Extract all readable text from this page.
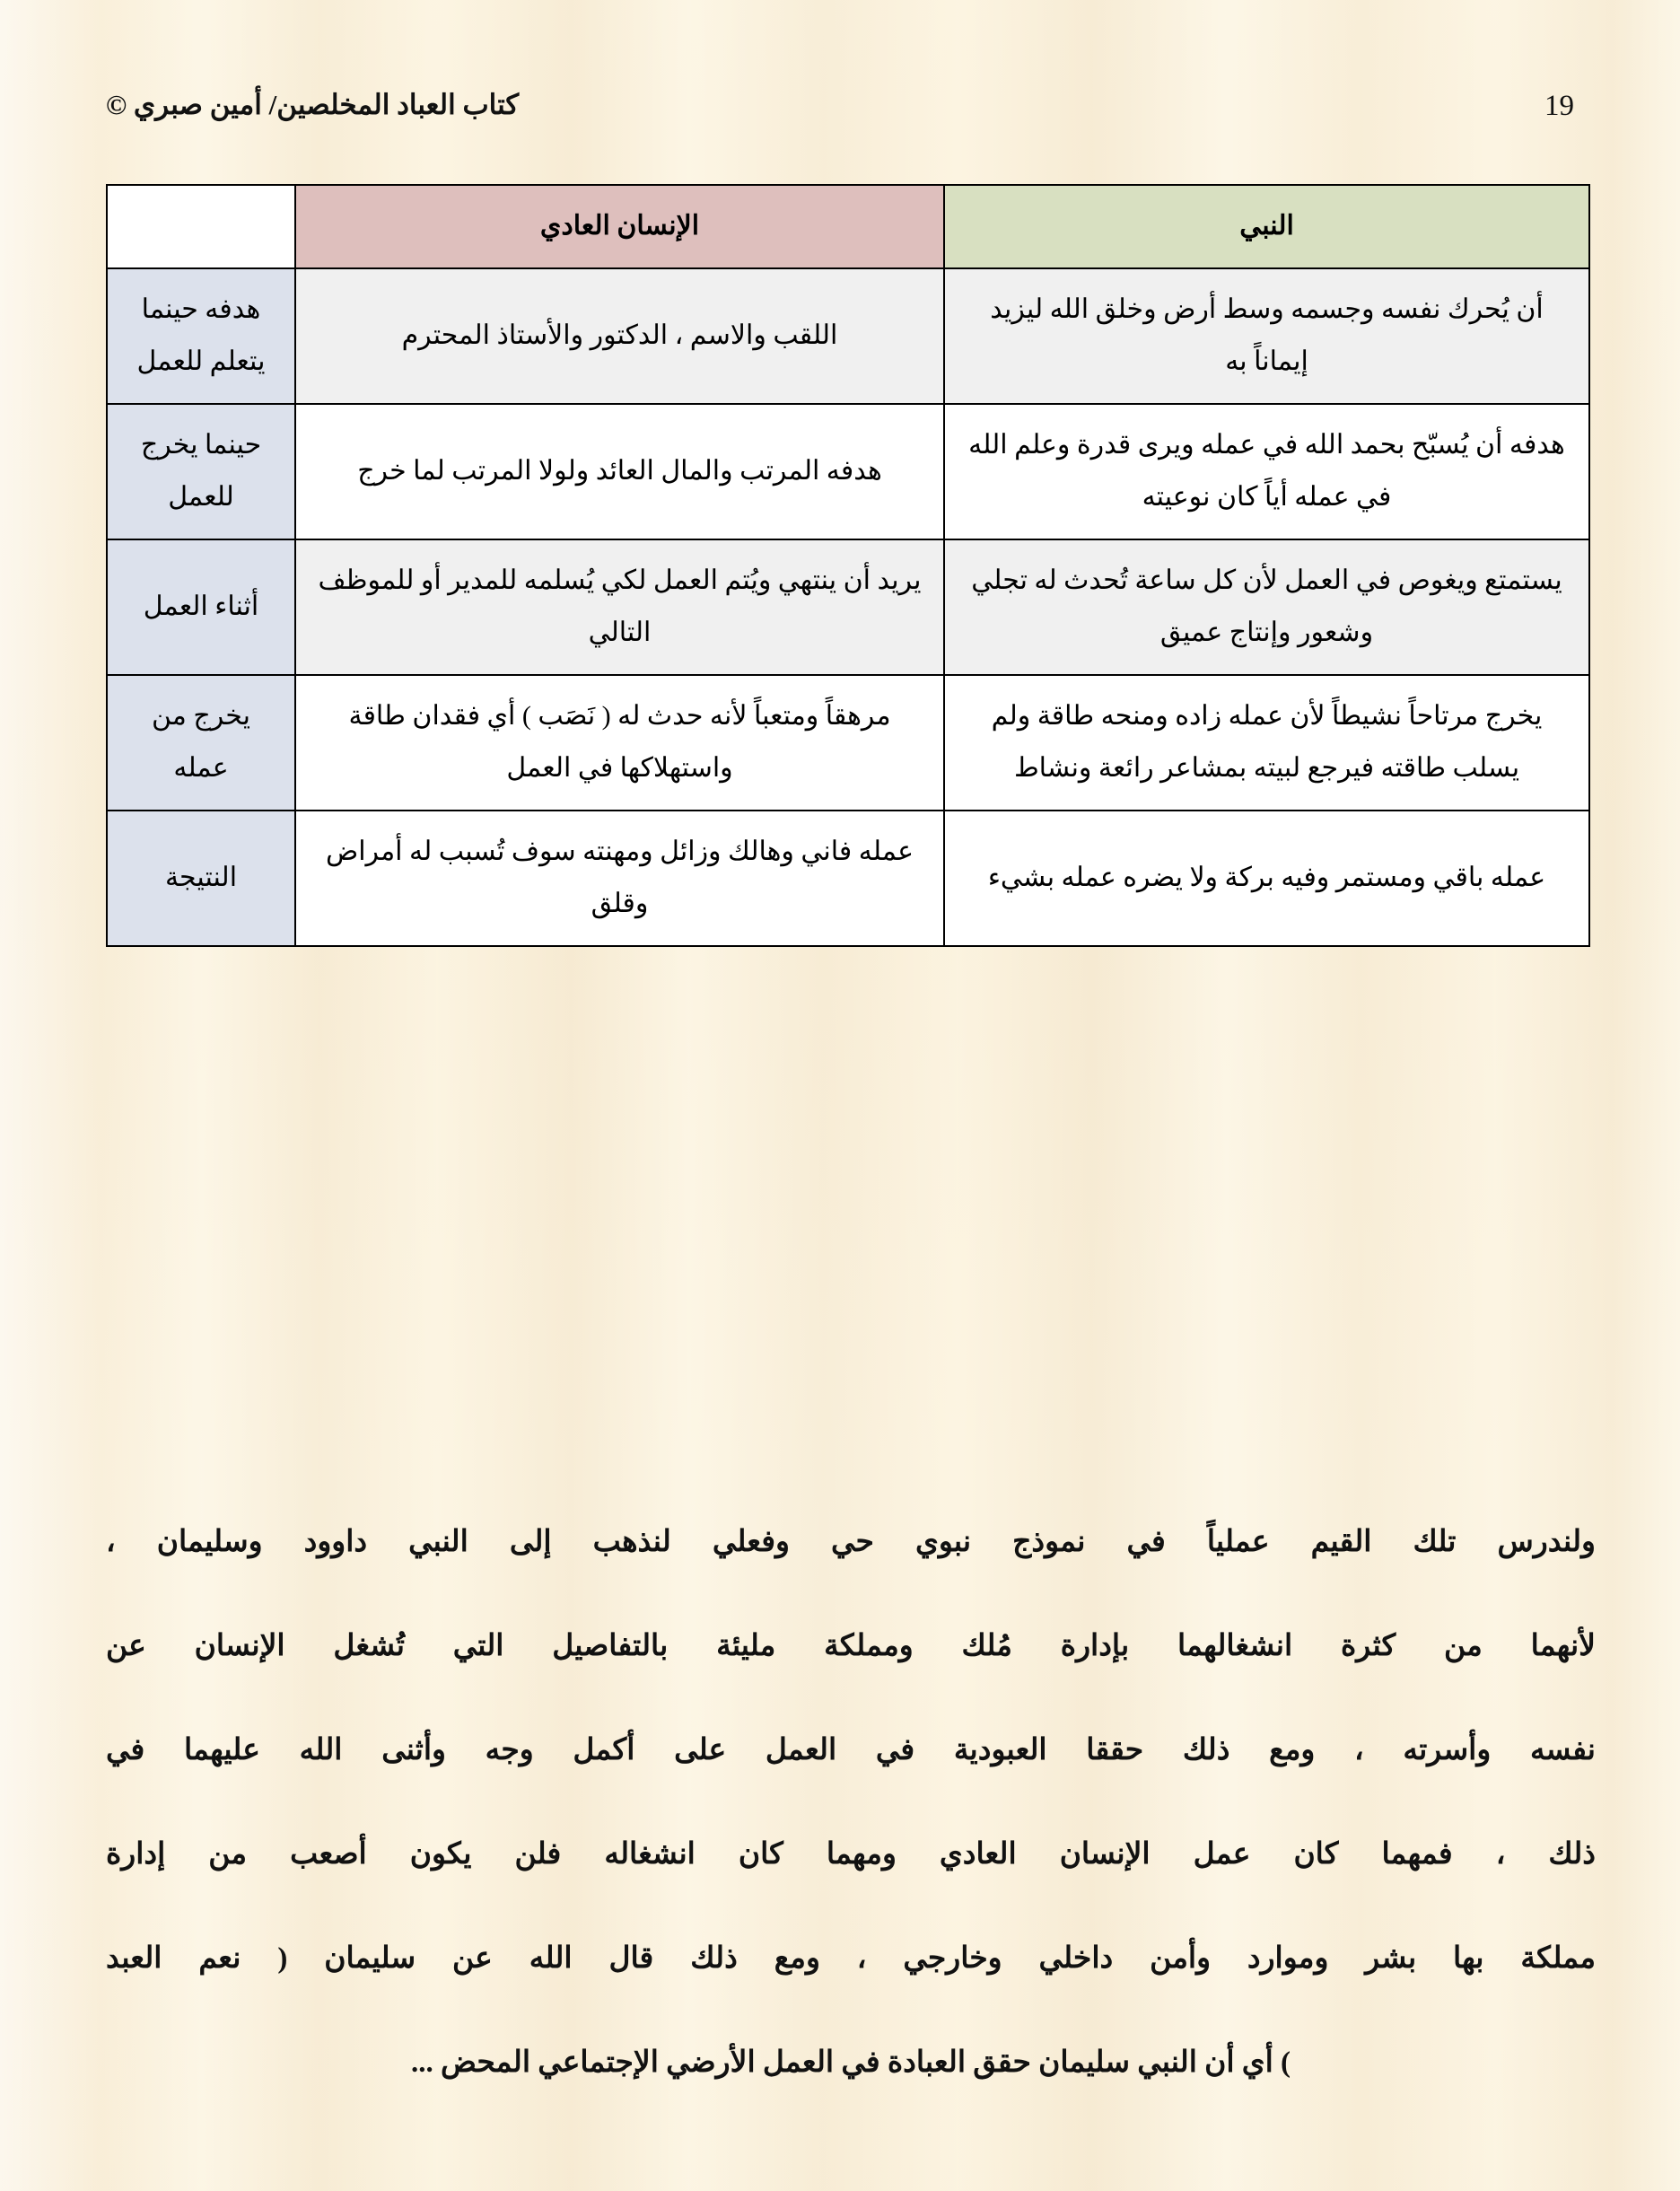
كتاب العباد المخلصين/ أمين صبري ©	19
النبي	الإنسان العادي	
أن يُحرك نفسه وجسمه وسط أرض وخلق الله ليزيد إيماناً به	اللقب والاسم ، الدكتور والأستاذ المحترم	هدفه حينما يتعلم للعمل
هدفه أن يُسبّح بحمد الله في عمله ويرى قدرة وعلم الله في عمله أياً كان نوعيته	هدفه المرتب والمال العائد ولولا المرتب لما خرج	حينما يخرج للعمل
يستمتع ويغوص في العمل لأن كل ساعة تُحدث له تجلي وشعور وإنتاج عميق	يريد أن ينتهي ويُتم العمل لكي يُسلمه للمدير أو للموظف التالي	أثناء العمل
يخرج مرتاحاً نشيطاً لأن عمله زاده ومنحه طاقة ولم يسلب طاقته فيرجع لبيته بمشاعر رائعة ونشاط	مرهقاً ومتعباً لأنه حدث له ( نَصَب ) أي فقدان طاقة واستهلاكها في العمل	يخرج من عمله
عمله باقي ومستمر وفيه بركة ولا يضره عمله بشيء	عمله فاني وهالك وزائل ومهنته سوف تُسبب له أمراض وقلق	النتيجة
ولندرس تلك القيم عملياً في نموذج نبوي حي وفعلي لنذهب إلى النبي داوود وسليمان ،
لأنهما من كثرة انشغالهما بإدارة مُلك ومملكة مليئة بالتفاصيل التي تُشغل الإنسان عن
نفسه وأسرته ، ومع ذلك حققا العبودية في العمل على أكمل وجه وأثنى الله عليهما في
ذلك ، فمهما كان عمل الإنسان العادي ومهما كان انشغاله فلن يكون أصعب من إدارة
مملكة بها بشر وموارد وأمن داخلي وخارجي ، ومع ذلك قال الله عن سليمان ( نعم العبد
) أي أن النبي سليمان حقق العبادة في العمل الأرضي الإجتماعي المحض ...
